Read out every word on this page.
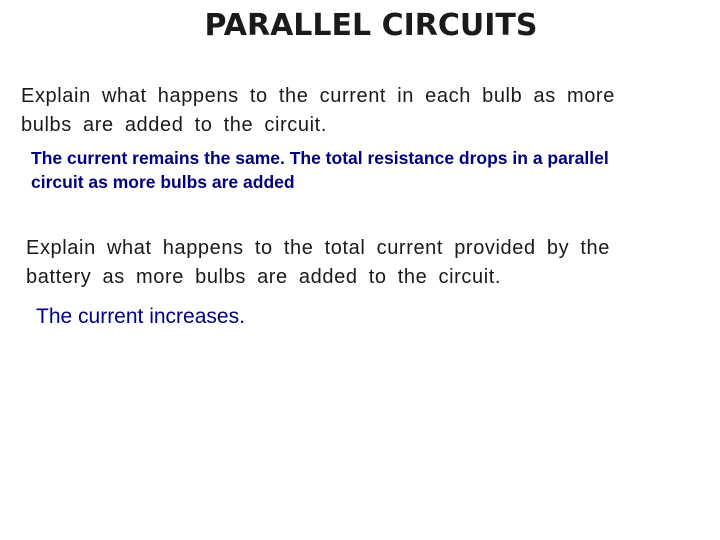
PARALLEL CIRCUITS
Explain what happens to the current in each bulb as more bulbs are added to the circuit.
The current remains the same. The total resistance drops in a parallel circuit as more bulbs are added
Explain what happens to the total current provided by the battery as more bulbs are added to the circuit.
The current increases.
